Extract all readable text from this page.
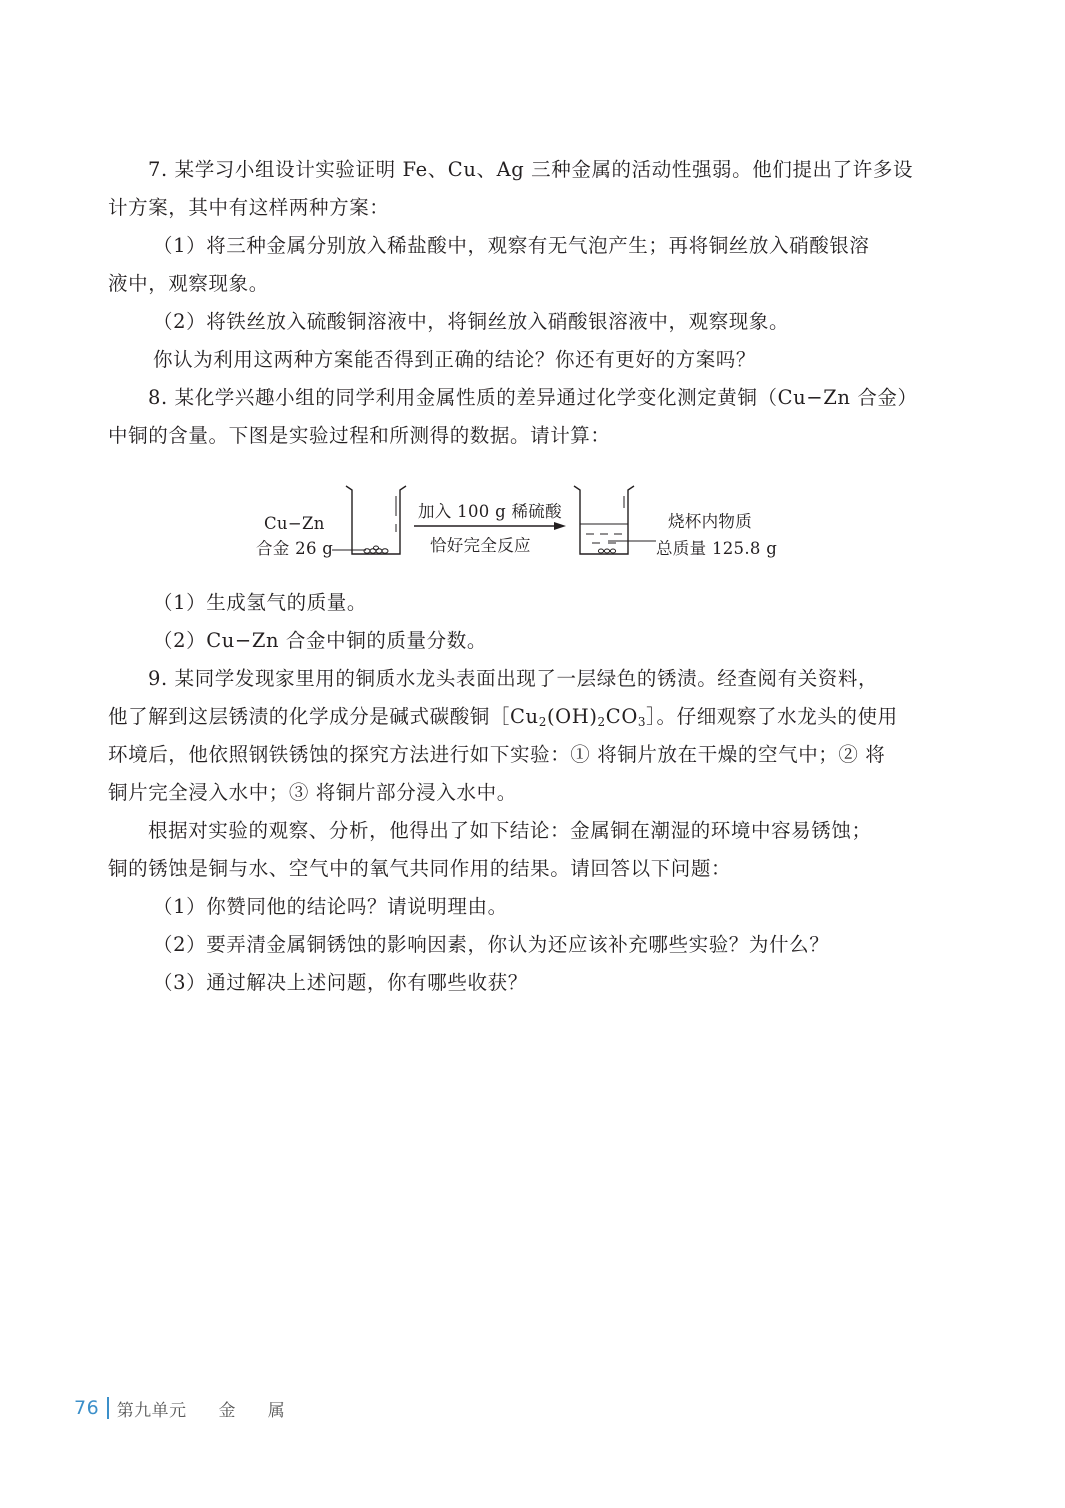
7. 某学习小组设计实验证明 Fe、Cu、Ag 三种金属的活动性强弱。他们提出了许多设
计方案，其中有这样两种方案：
（1）将三种金属分别放入稀盐酸中，观察有无气泡产生；再将铜丝放入硝酸银溶
液中，观察现象。
（2）将铁丝放入硫酸铜溶液中，将铜丝放入硝酸银溶液中，观察现象。
你认为利用这两种方案能否得到正确的结论？你还有更好的方案吗？
8. 某化学兴趣小组的同学利用金属性质的差异通过化学变化测定黄铜（Cu−Zn 合金）
中铜的含量。下图是实验过程和所测得的数据。请计算：
Cu−Zn
合金 26 g
加入 100 g 稀硫酸
恰好完全反应
烧杯内物质
总质量 125.8 g
（1）生成氢气的质量。
（2）Cu−Zn 合金中铜的质量分数。
9. 某同学发现家里用的铜质水龙头表面出现了一层绿色的锈渍。经查阅有关资料，
他了解到这层锈渍的化学成分是碱式碳酸铜$[Cu_2(OH)_2CO_3]$。仔细观察了水龙头的使用
环境后，他依照钢铁锈蚀的探究方法进行如下实验：① 将铜片放在干燥的空气中；② 将
铜片完全浸入水中；③ 将铜片部分浸入水中。
根据对实验的观察、分析，他得出了如下结论：金属铜在潮湿的环境中容易锈蚀；
铜的锈蚀是铜与水、空气中的氧气共同作用的结果。请回答以下问题：
（1）你赞同他的结论吗？请说明理由。
（2）要弄清金属铜锈蚀的影响因素，你认为还应该补充哪些实验？为什么？
（3）通过解决上述问题，你有哪些收获？
76 第九单元  金  属
